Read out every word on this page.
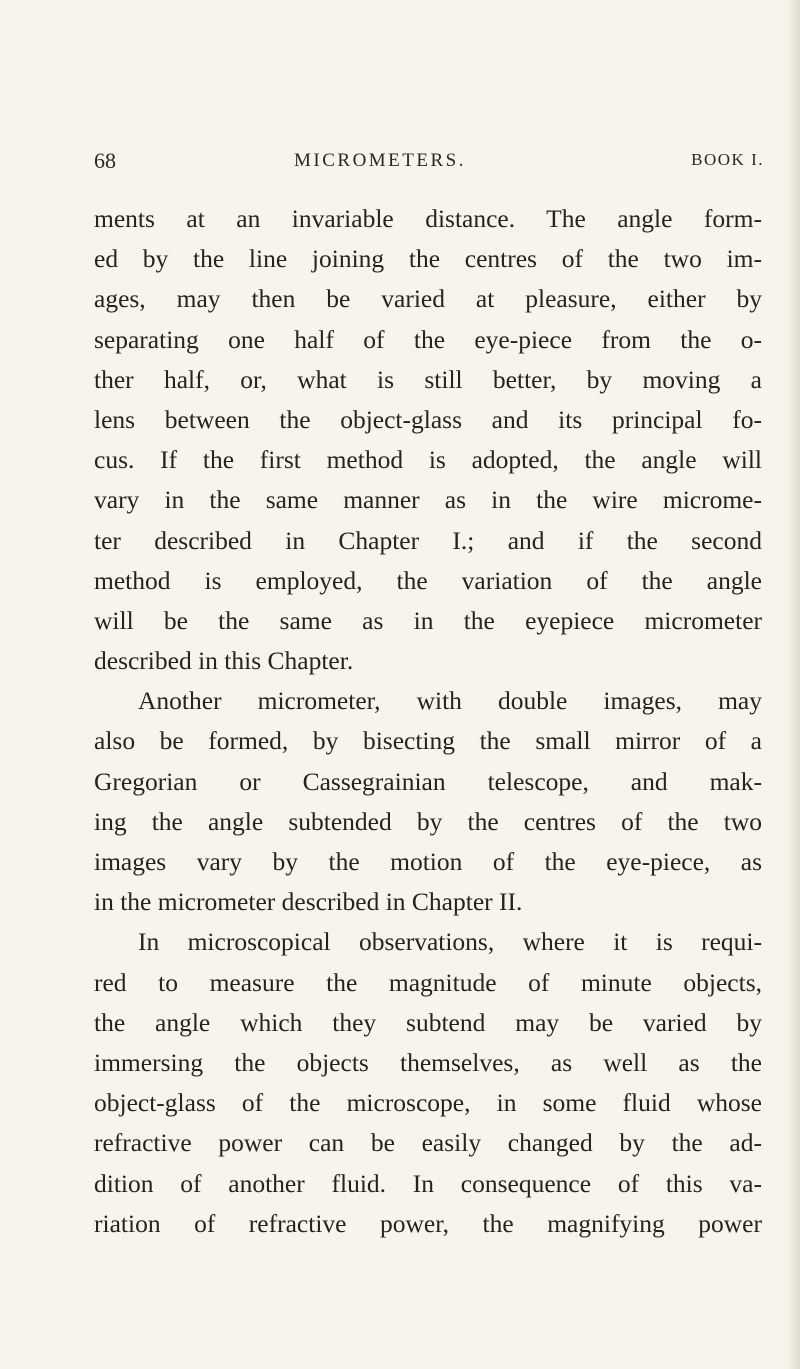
68	MICROMETERS.	BOOK I.
ments at an invariable distance. The angle form-
ed by the line joining the centres of the two im-
ages, may then be varied at pleasure, either by
separating one half of the eye-piece from the o-
ther half, or, what is still better, by moving a
lens between the object-glass and its principal fo-
cus. If the first method is adopted, the angle will
vary in the same manner as in the wire microme-
ter described in Chapter I.; and if the second
method is employed, the variation of the angle
will be the same as in the eyepiece micrometer
described in this Chapter.
Another micrometer, with double images, may
also be formed, by bisecting the small mirror of a
Gregorian or Cassegrainian telescope, and mak-
ing the angle subtended by the centres of the two
images vary by the motion of the eye-piece, as
in the micrometer described in Chapter II.
In microscopical observations, where it is requi-
red to measure the magnitude of minute objects,
the angle which they subtend may be varied by
immersing the objects themselves, as well as the
object-glass of the microscope, in some fluid whose
refractive power can be easily changed by the ad-
dition of another fluid. In consequence of this va-
riation of refractive power, the magnifying power
